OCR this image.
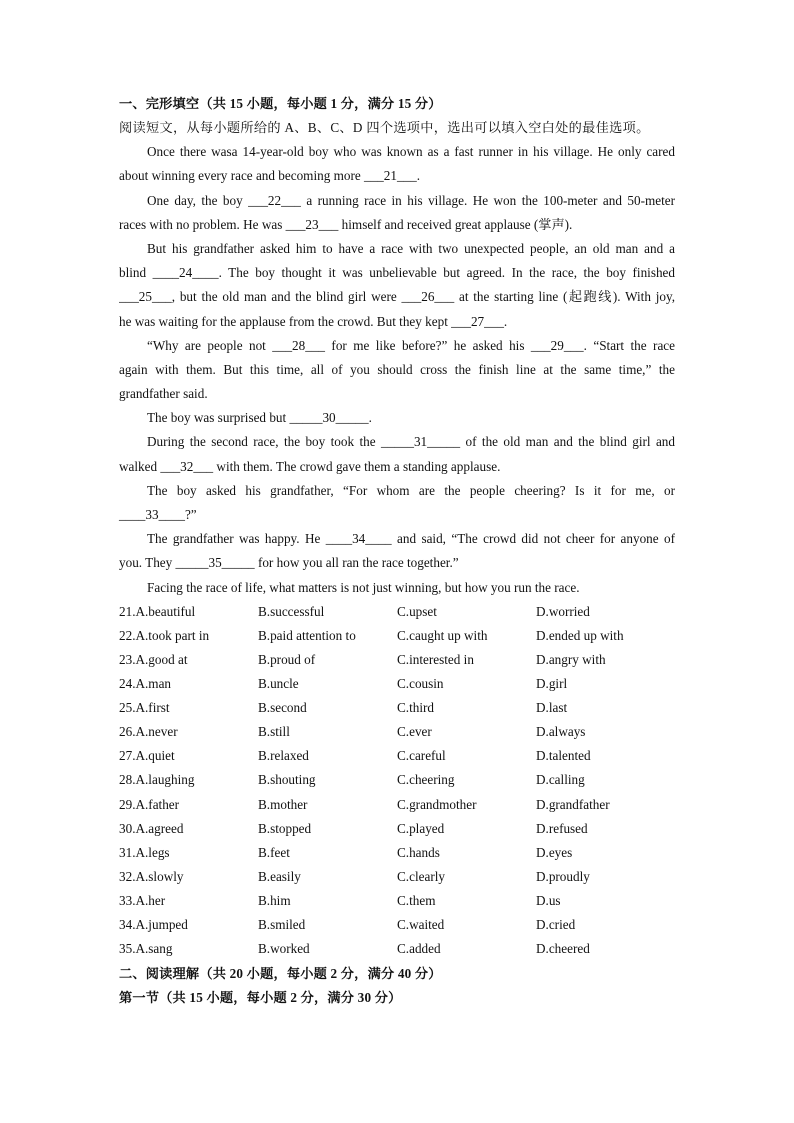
一、完形填空（共 15 小题，每小题 1 分，满分 15 分）
阅读短文，从每小题所给的 A、B、C、D 四个选项中，选出可以填入空白处的最佳选项。
Once there wasa 14-year-old boy who was known as a fast runner in his village. He only cared
about winning every race and becoming more ___21___.
One day, the boy ___22___ a running race in his village. He won the 100-meter and 50-meter
races with no problem. He was ___23___ himself and received great applause (掌声).
But his grandfather asked him to have a race with two unexpected people, an old man and a
blind ____24____. The boy thought it was unbelievable but agreed. In the race, the boy finished
___25___, but the old man and the blind girl were ___26___ at the starting line (起跑线). With joy,
he was waiting for the applause from the crowd. But they kept ___27___.
“Why are people not ___28___ for me like before?” he asked his ___29___. “Start the race
again with them. But this time, all of you should cross the finish line at the same time,” the
grandfather said.
The boy was surprised but _____30_____.
During the second race, the boy took the _____31_____ of the old man and the blind girl and
walked ___32___ with them. The crowd gave them a standing applause.
The boy asked his grandfather, “For whom are the people cheering? Is it for me, or
____33____?”
The grandfather was happy. He ____34____ and said, “The crowd did not cheer for anyone of
you. They _____35_____ for how you all ran the race together.”
Facing the race of life, what matters is not just winning, but how you run the race.
21.A.beautiful	B.successful	C.upset	D.worried
22.A.took part in	B.paid attention to	C.caught up with	D.ended up with
23.A.good at	B.proud of	C.interested in	D.angry with
24.A.man	B.uncle	C.cousin	D.girl
25.A.first	B.second	C.third	D.last
26.A.never	B.still	C.ever	D.always
27.A.quiet	B.relaxed	C.careful	D.talented
28.A.laughing	B.shouting	C.cheering	D.calling
29.A.father	B.mother	C.grandmother	D.grandfather
30.A.agreed	B.stopped	C.played	D.refused
31.A.legs	B.feet	C.hands	D.eyes
32.A.slowly	B.easily	C.clearly	D.proudly
33.A.her	B.him	C.them	D.us
34.A.jumped	B.smiled	C.waited	D.cried
35.A.sang	B.worked	C.added	D.cheered
二、阅读理解（共 20 小题，每小题 2 分，满分 40 分）
第一节（共 15 小题，每小题 2 分，满分 30 分）
